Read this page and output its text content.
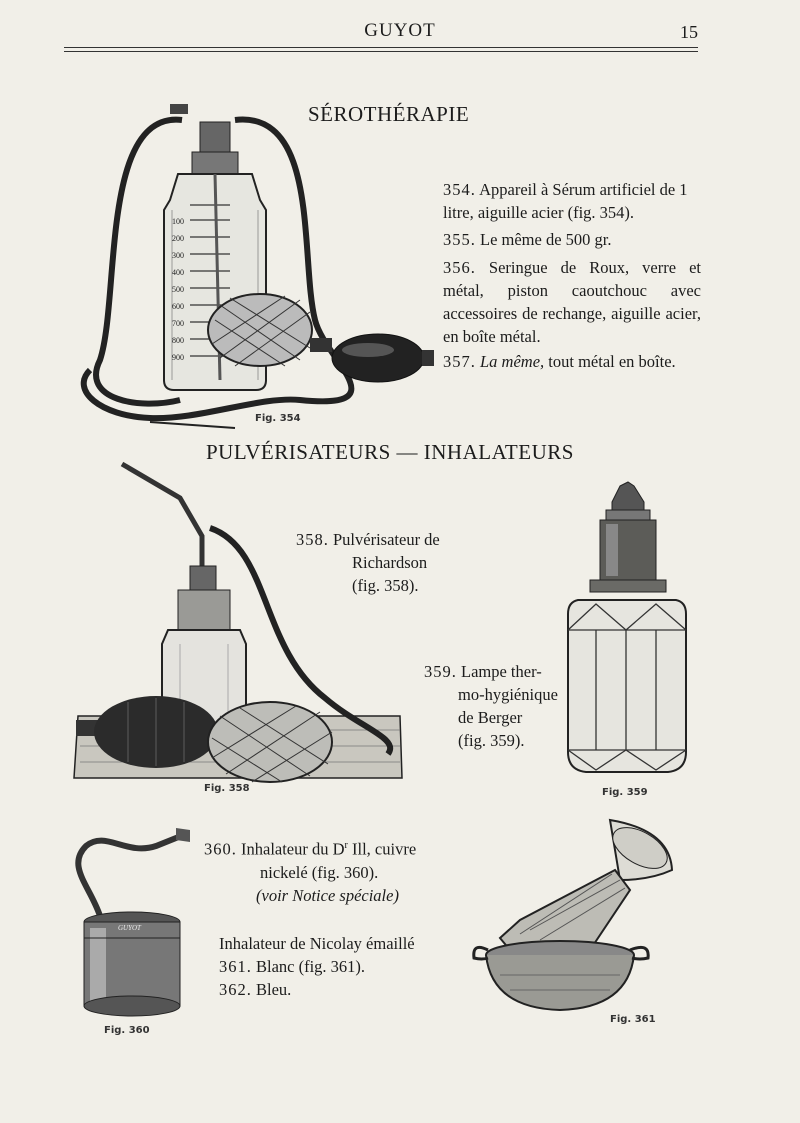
GUYOT	15
SÉROTHÉRAPIE
100
200
300
400
500
600
700
800
900
Fig. 354
354. Appareil à Sérum artificiel de 1 litre, aiguille acier (fig. 354).
355. Le même de 500 gr.
356. Seringue de Roux, verre et métal, piston caoutchouc avec accessoires de rechange, aiguille acier, en boîte métal.
357. La même, tout métal en boîte.
PULVÉRISATEURS — INHALATEURS
Fig. 358
358. Pulvérisateur de
Richardson
(fig. 358).
Fig. 359
359. Lampe ther-
mo-hygiénique
de Berger
(fig. 359).
GUYOT
Fig. 360
360. Inhalateur du $D^r$ Ill, cuivre
nickelé (fig. 360).
(voir Notice spéciale)
Inhalateur de Nicolay émaillé
361. Blanc (fig. 361).
362. Bleu.
Fig. 361
